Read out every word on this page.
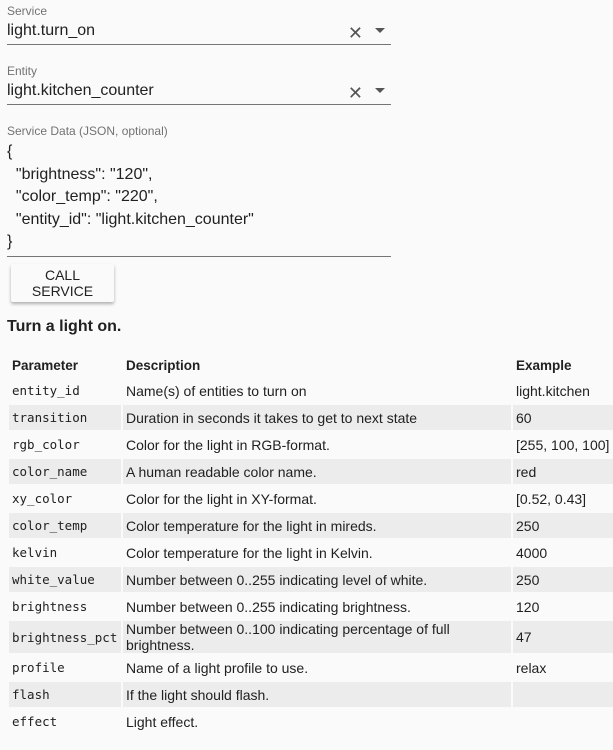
Service
light.turn_on	✕
Entity
light.kitchen_counter	✕
Service Data (JSON, optional)
{
"brightness": "120",
"color_temp": "220",
"entity_id": "light.kitchen_counter"
}
CALL SERVICE
Turn a light on.
Parameter	Description	Example
entity_id	Name(s) of entities to turn on	light.kitchen
transition	Duration in seconds it takes to get to next state	60
rgb_color	Color for the light in RGB-format.	[255, 100, 100]
color_name	A human readable color name.	red
xy_color	Color for the light in XY-format.	[0.52, 0.43]
color_temp	Color temperature for the light in mireds.	250
kelvin	Color temperature for the light in Kelvin.	4000
white_value	Number between 0..255 indicating level of white.	250
brightness	Number between 0..255 indicating brightness.	120
brightness_pct	Number between 0..100 indicating percentage of full brightness.	47
profile	Name of a light profile to use.	relax
flash	If the light should flash.	
effect	Light effect.	
